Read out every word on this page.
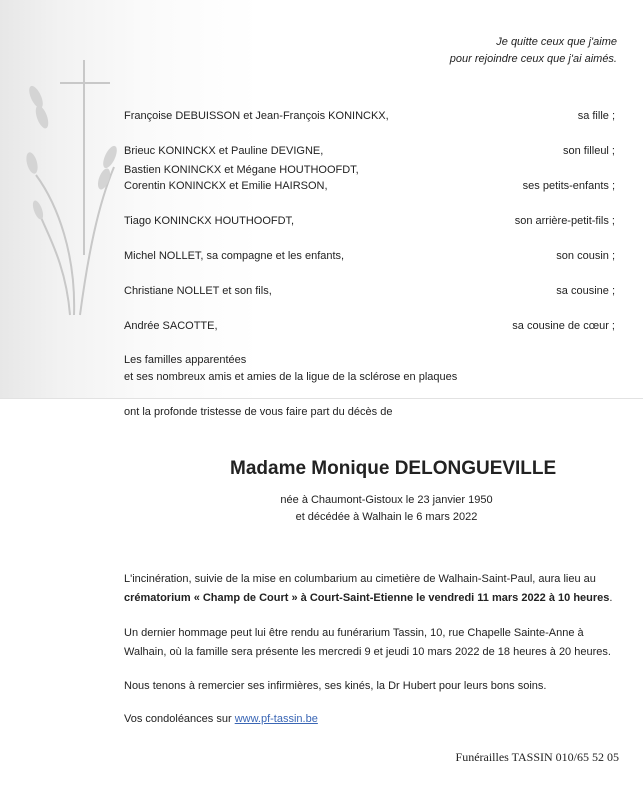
Je quitte ceux que j'aime
pour rejoindre ceux que j'ai aimés.
Françoise DEBUISSON et Jean-François KONINCKX,	sa fille ;
Brieuc KONINCKX et Pauline DEVIGNE,	son filleul ;
Bastien KONINCKX et Mégane HOUTHOOFDT,
Corentin KONINCKX et Emilie HAIRSON,	ses petits-enfants ;
Tiago KONINCKX HOUTHOOFDT,	son arrière-petit-fils ;
Michel NOLLET, sa compagne et les enfants,	son cousin ;
Christiane NOLLET et son fils,	sa cousine ;
Andrée SACOTTE,	sa cousine de cœur ;
Les familles apparentées
et ses nombreux amis et amies de la ligue de la sclérose en plaques
ont la profonde tristesse de vous faire part du décès de
Madame Monique DELONGUEVILLE
née à Chaumont-Gistoux le 23 janvier 1950
et décédée à Walhain le 6 mars 2022
L'incinération, suivie de la mise en columbarium au cimetière de Walhain-Saint-Paul, aura lieu au crématorium « Champ de Court » à Court-Saint-Etienne le vendredi 11 mars 2022 à 10 heures.
Un dernier hommage peut lui être rendu au funérarium Tassin, 10, rue Chapelle Sainte-Anne à Walhain, où la famille sera présente les mercredi 9 et jeudi 10 mars 2022 de 18 heures à 20 heures.
Nous tenons à remercier ses infirmières, ses kinés, la Dr Hubert pour leurs bons soins.
Vos condoléances sur www.pf-tassin.be
Funérailles TASSIN 010/65 52 05
